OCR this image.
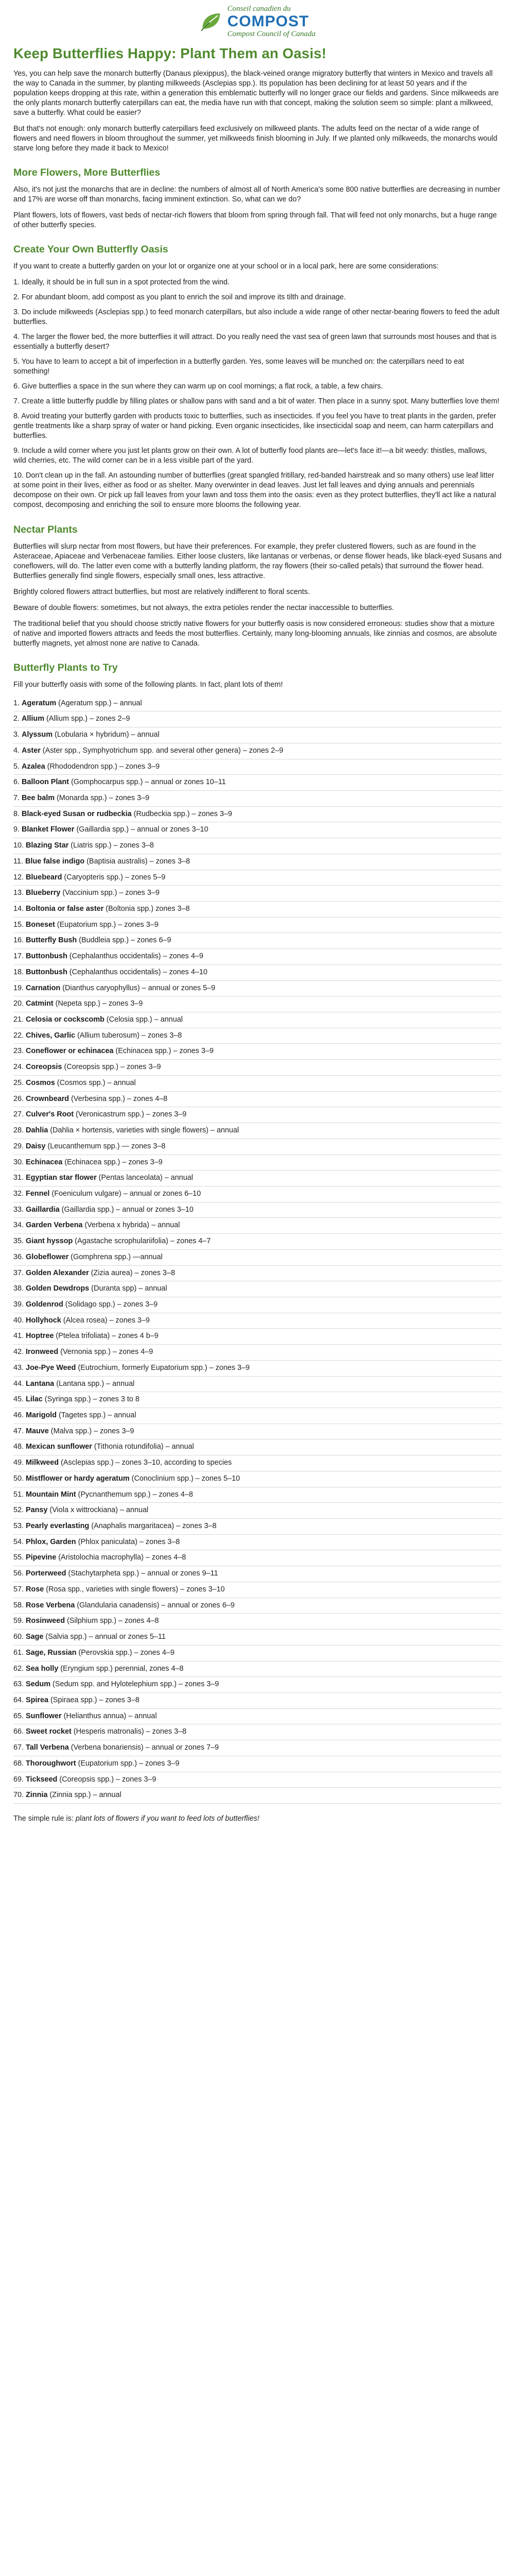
Conseil canadien du
COMPOST
Compost Council of Canada
Keep Butterflies Happy: Plant Them an Oasis!

Yes, you can help save the monarch butterfly (Danaus plexippus), the black-veined orange migratory butterfly that winters in Mexico and travels all the way to Canada in the summer, by planting milkweeds (Asclepias spp.). Its population has been declining for at least 50 years and if the population keeps dropping at this rate, within a generation this emblematic butterfly will no longer grace our fields and gardens. Since milkweeds are the only plants monarch butterfly caterpillars can eat, the media have run with that concept, making the solution seem so simple: plant a milkweed, save a butterfly. What could be easier?

But that's not enough: only monarch butterfly caterpillars feed exclusively on milkweed plants. The adults feed on the nectar of a wide range of flowers and need flowers in bloom throughout the summer, yet milkweeds finish blooming in July. If we planted only milkweeds, the monarchs would starve long before they made it back to Mexico!

More Flowers, More Butterflies

Also, it's not just the monarchs that are in decline: the numbers of almost all of North America's some 800 native butterflies are decreasing in number and 17% are worse off than monarchs, facing imminent extinction. So, what can we do?

Plant flowers, lots of flowers, vast beds of nectar-rich flowers that bloom from spring through fall. That will feed not only monarchs, but a huge range of other butterfly species.

Create Your Own Butterfly Oasis

If you want to create a butterfly garden on your lot or organize one at your school or in a local park, here are some considerations:

1. Ideally, it should be in full sun in a spot protected from the wind.
2. For abundant bloom, add compost as you plant to enrich the soil and improve its tilth and drainage.
3. Do include milkweeds (Asclepias spp.) to feed monarch caterpillars, but also include a wide range of other nectar-bearing flowers to feed the adult butterflies.
4. The larger the flower bed, the more butterflies it will attract. Do you really need the vast sea of green lawn that surrounds most houses and that is essentially a butterfly desert?
5. You have to learn to accept a bit of imperfection in a butterfly garden. Yes, some leaves will be munched on: the caterpillars need to eat something!
6. Give butterflies a space in the sun where they can warm up on cool mornings; a flat rock, a table, a few chairs.
7. Create a little butterfly puddle by filling plates or shallow pans with sand and a bit of water. Then place in a sunny spot. Many butterflies love them!
8. Avoid treating your butterfly garden with products toxic to butterflies, such as insecticides. If you feel you have to treat plants in the garden, prefer gentle treatments like a sharp spray of water or hand picking. Even organic insecticides, like insecticidal soap and neem, can harm caterpillars and butterflies.
9. Include a wild corner where you just let plants grow on their own. A lot of butterfly food plants are—let's face it!—a bit weedy: thistles, mallows, wild cherries, etc. The wild corner can be in a less visible part of the yard.
10. Don't clean up in the fall. An astounding number of butterflies (great spangled fritillary, red-banded hairstreak and so many others) use leaf litter at some point in their lives, either as food or as shelter. Many overwinter in dead leaves. Just let fall leaves and dying annuals and perennials decompose on their own. Or pick up fall leaves from your lawn and toss them into the oasis: even as they protect butterflies, they'll act like a natural compost, decomposing and enriching the soil to ensure more blooms the following year.
Nectar Plants

Butterflies will slurp nectar from most flowers, but have their preferences. For example, they prefer clustered flowers, such as are found in the Asteraceae, Apiaceae and Verbenaceae families. Either loose clusters, like lantanas or verbenas, or dense flower heads, like black-eyed Susans and coneflowers, will do. The latter even come with a butterfly landing platform, the ray flowers (their so-called petals) that surround the flower head. Butterflies generally find single flowers, especially small ones, less attractive.

Brightly colored flowers attract butterflies, but most are relatively indifferent to floral scents.

Beware of double flowers: sometimes, but not always, the extra petioles render the nectar inaccessible to butterflies.

The traditional belief that you should choose strictly native flowers for your butterfly oasis is now considered erroneous: studies show that a mixture of native and imported flowers attracts and feeds the most butterflies. Certainly, many long-blooming annuals, like zinnias and cosmos, are absolute butterfly magnets, yet almost none are native to Canada.

Butterfly Plants to Try

Fill your butterfly oasis with some of the following plants. In fact, plant lots of them!

1. Ageratum (Ageratum spp.) – annual
2. Allium (Allium spp.) – zones 2–9
3. Alyssum (Lobularia × hybridum) – annual
4. Aster (Aster spp., Symphyotrichum spp. and several other genera) – zones 2–9
5. Azalea (Rhododendron spp.) – zones 3–9
6. Balloon Plant (Gomphocarpus spp.) – annual or zones 10–11
7. Bee balm (Monarda spp.) – zones 3–9
8. Black-eyed Susan or rudbeckia (Rudbeckia spp.) – zones 3–9
9. Blanket Flower (Gaillardia spp.) – annual or zones 3–10
10. Blazing Star (Liatris spp.) – zones 3–8
11. Blue false indigo (Baptisia australis) – zones 3–8
12. Bluebeard (Caryopteris spp.) – zones 5–9
13. Blueberry (Vaccinium spp.) – zones 3–9
14. Boltonia or false aster (Boltonia spp.) zones 3–8
15. Boneset (Eupatorium spp.) – zones 3–9
16. Butterfly Bush (Buddleia spp.) – zones 6–9
17. Buttonbush (Cephalanthus occidentalis) – zones 4–9
18. Buttonbush (Cephalanthus occidentalis) – zones 4–10
19. Carnation (Dianthus caryophyllus) – annual or zones 5–9
20. Catmint (Nepeta spp.) – zones 3–9
21. Celosia or cockscomb (Celosia spp.) – annual
22. Chives, Garlic (Allium tuberosum) – zones 3–8
23. Coneflower or echinacea (Echinacea spp.) – zones 3–9
24. Coreopsis (Coreopsis spp.) – zones 3–9
25. Cosmos (Cosmos spp.) – annual
26. Crownbeard (Verbesina spp.) – zones 4–8
27. Culver's Root (Veronicastrum spp.) – zones 3–9
28. Dahlia (Dahlia × hortensis, varieties with single flowers) – annual
29. Daisy (Leucanthemum spp.) — zones 3–8
30. Echinacea (Echinacea spp.) – zones 3–9
31. Egyptian star flower (Pentas lanceolata) – annual
32. Fennel (Foeniculum vulgare) – annual or zones 6–10
33. Gaillardia (Gaillardia spp.) – annual or zones 3–10
34. Garden Verbena (Verbena x hybrida) – annual
35. Giant hyssop (Agastache scrophulariifolia) – zones 4–7
36. Globeflower (Gomphrena spp.) —annual
37. Golden Alexander (Zizia aurea) – zones 3–8
38. Golden Dewdrops (Duranta spp) – annual
39. Goldenrod (Solidago spp.) – zones 3–9
40. Hollyhock (Alcea rosea) – zones 3–9
41. Hoptree (Ptelea trifoliata) – zones 4 b–9
42. Ironweed (Vernonia spp.) – zones 4–9
43. Joe-Pye Weed (Eutrochium, formerly Eupatorium spp.) – zones 3–9
44. Lantana (Lantana spp.) – annual
45. Lilac (Syringa spp.) – zones 3 to 8
46. Marigold (Tagetes spp.) – annual
47. Mauve (Malva spp.) – zones 3–9
48. Mexican sunflower (Tithonia rotundifolia) – annual
49. Milkweed (Asclepias spp.) – zones 3–10, according to species
50. Mistflower or hardy ageratum (Conoclinium spp.) – zones 5–10
51. Mountain Mint (Pycnanthemum spp.) – zones 4–8
52. Pansy (Viola x wittrockiana) – annual
53. Pearly everlasting (Anaphalis margaritacea) – zones 3–8
54. Phlox, Garden (Phlox paniculata) – zones 3–8
55. Pipevine (Aristolochia macrophylla) – zones 4–8
56. Porterweed (Stachytarpheta spp.) – annual or zones 9–11
57. Rose (Rosa spp., varieties with single flowers) – zones 3–10
58. Rose Verbena (Glandularia canadensis) – annual or zones 6–9
59. Rosinweed (Silphium spp.) – zones 4–8
60. Sage (Salvia spp.) – annual or zones 5–11
61. Sage, Russian (Perovskia spp.) – zones 4–9
62. Sea holly (Eryngium spp.) perennial, zones 4–8
63. Sedum (Sedum spp. and Hylotelephium spp.) – zones 3–9
64. Spirea (Spiraea spp.) – zones 3–8
65. Sunflower (Helianthus annua) – annual
66. Sweet rocket (Hesperis matronalis) – zones 3–8
67. Tall Verbena (Verbena bonariensis) – annual or zones 7–9
68. Thoroughwort (Eupatorium spp.) – zones 3–9
69. Tickseed (Coreopsis spp.) – zones 3–9
70. Zinnia (Zinnia spp.) – annual

The simple rule is: plant lots of flowers if you want to feed lots of butterflies!
